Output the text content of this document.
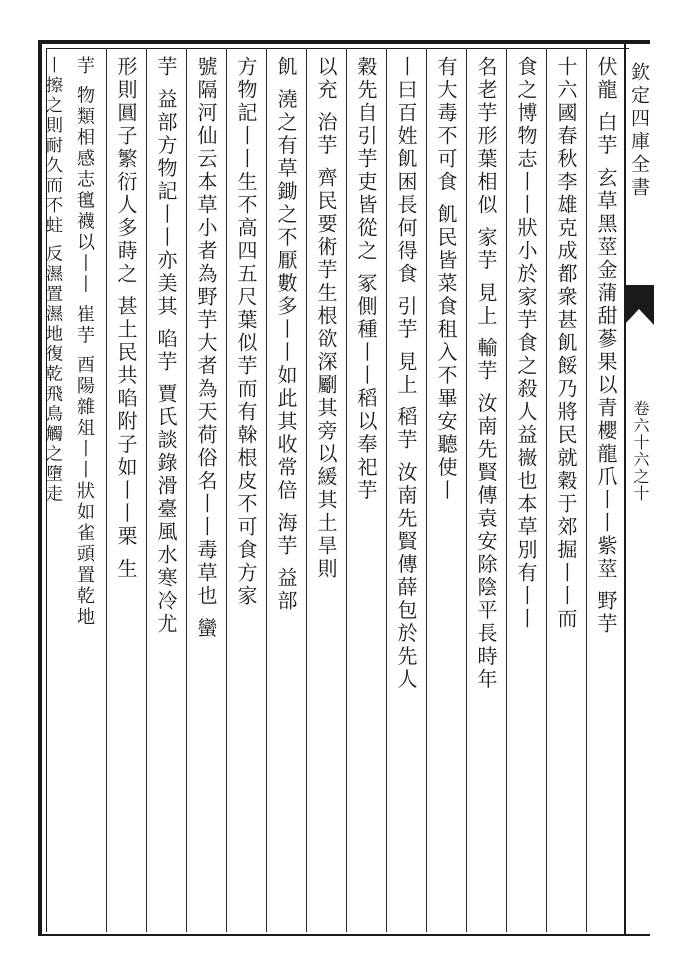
欽定四庫全書
卷六十六之十
伏龍 白芋 玄草黑莖金蒲甜蔘果以青櫻龍爪丨丨紫莖 野芋
十六國春秋李雄克成都衆甚飢餒乃將民就穀于郊掘丨丨而
食之博物志丨丨狀小於家芋食之殺人益嶶也本草別有丨丨
名老芋形葉相似 家芋 見上 輸芋 汝南先賢傳袁安除陰平長時年
有大毒不可食 飢民皆菜食租入不畢安聽使丨
丨曰百姓飢困長何得食 引芋 見上 稻芋 汝南先賢傳薛包於先人
穀先自引芋吏皆從之 冢側種丨丨稻以奉祀芋
以充 治芋 齊民要術芋生根欲深劚其旁以緩其土旱則
飢 澆之有草鋤之不厭數多丨丨如此其收常倍 海芋 益部
方物記丨丨生不高四五尺葉似芋而有榦根皮不可食方家
號隔河仙云本草小者為野芋大者為天荷俗名丨丨毒草也 蠻
芋 益部方物記丨丨亦美其 啗芋 賈氏談錄滑臺風水寒冷尤
形則圓子繁衍人多蒔之 甚土民共啗附子如丨丨栗 生
芋 物類相感志氊襪以丨丨 崔芋 酉陽雜俎丨丨狀如雀頭置乾地
丨擦之則耐久而不蛀 反濕置濕地復乾飛鳥觸之墮走
